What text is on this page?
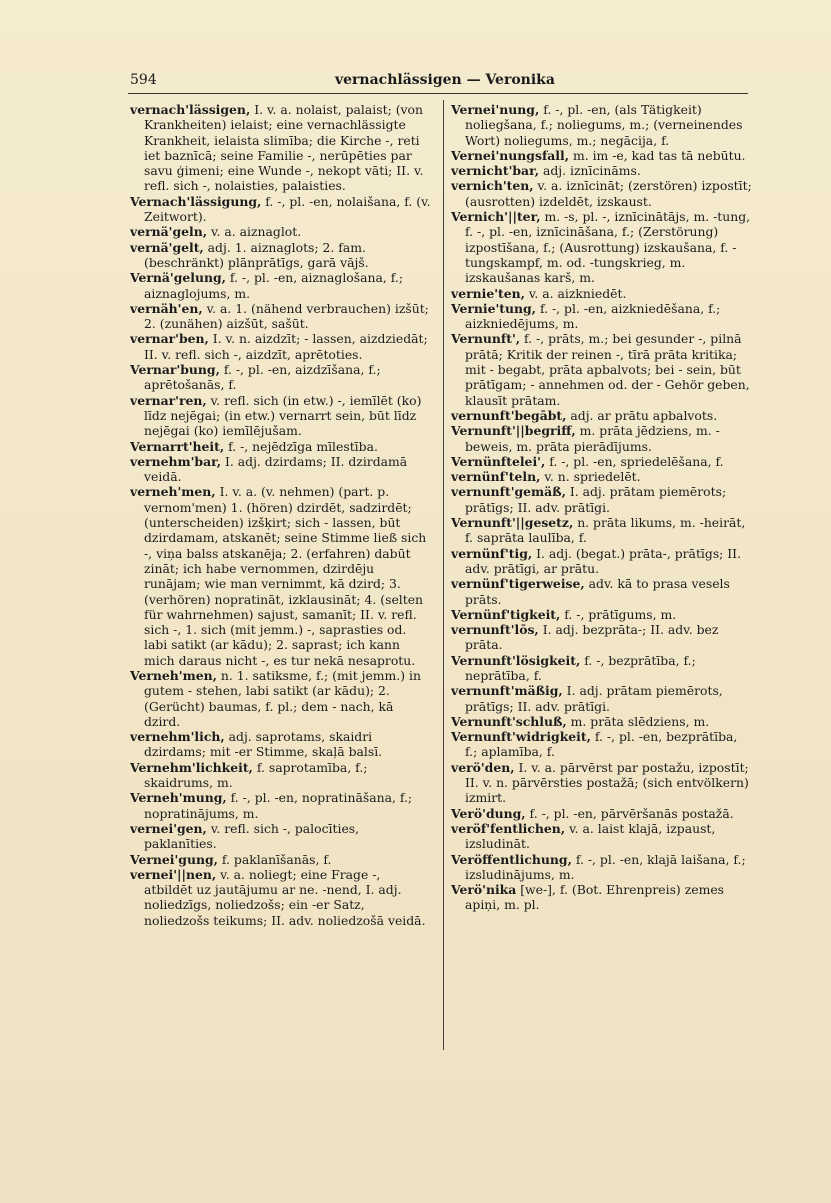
594	vernachlässigen — Veronika

vernach'lässigen, I. v. a. nolaist, palaist; (von Krankheiten) ielaist; eine vernachlässigte Krankheit, ielaista slimība; die Kirche -, reti iet baznīcā; seine Familie -, nerūpēties par savu ģimeni; eine Wunde -, nekopt vāti; II. v. refl. sich -, nolaisties, palaisties.

Vernach'lässigung, f. -, pl. -en, nolaišana, f. (v. Zeitwort).

vernä'geln, v. a. aiznaglot.

vernä'gelt, adj. 1. aiznaglots; 2. fam. (beschränkt) plānprātīgs, garā vājš.

Vernä'gelung, f. -, pl. -en, aiznaglošana, f.; aiznaglojums, m.

vernäh'en, v. a. 1. (nähend verbrauchen) izšūt; 2. (zunähen) aizšūt, sašūt.

vernar'ben, I. v. n. aizdzīt; - lassen, aizdziedāt; II. v. refl. sich -, aizdzīt, aprētoties.

Vernar'bung, f. -, pl. -en, aizdzīšana, f.; aprētošanās, f.

vernar'ren, v. refl. sich (in etw.) -, iemīlēt (ko) līdz neјēgai; (in etw.) vernarrt sein, būt līdz nejēgai (ko) iemīlējušam.

Vernarrt'heit, f. -, nejēdzīga mīlestība.

vernehm'bar, I. adj. dzirdams; II. dzirdamā veidā.

verneh'men, I. v. a. (v. nehmen) (part. p. vernom'men) 1. (hören) dzirdēt, sadzirdēt; (unterscheiden) izšķirt; sich - lassen, būt dzirdamam, atskanēt; seine Stimme ließ sich -, viņa balss atskanēja; 2. (erfahren) dabūt zināt; ich habe vernommen, dzirdēju runājam; wie man vernimmt, kā dzird; 3. (verhören) nopratināt, izklausināt; 4. (selten für wahrnehmen) sajust, samanīt; II. v. refl. sich -, 1. sich (mit jemm.) -, saprasties od. labi satikt (ar kādu); 2. saprast; ich kann mich daraus nicht -, es tur nekā nesaprotu.

Verneh'men, n. 1. satiksme, f.; (mit jemm.) in gutem - stehen, labi satikt (ar kādu); 2. (Gerücht) baumas, f. pl.; dem - nach, kā dzird.

vernehm'lich, adj. saprotams, skaidri dzirdams; mit -er Stimme, skaļā balsī.

Vernehm'lichkeit, f. saprotamība, f.; skaidrums, m.

Verneh'mung, f. -, pl. -en, nopratināšana, f.; nopratinājums, m.

vernei'gen, v. refl. sich -, palocīties, paklanīties.

Vernei'gung, f. paklanīšanās, f.

vernei'||nen, v. a. noliegt; eine Frage -, atbildēt uz jautājumu ar ne. -nend, I. adj. noliedzīgs, noliedzošs; ein -er Satz, noliedzošs teikums; II. adv. noliedzošā veidā.

Vernei'nung, f. -, pl. -en, (als Tätigkeit) noliegšana, f.; noliegums, m.; (verneinendes Wort) noliegums, m.; negācija, f.

Vernei'nungsfall, m. im -e, kad tas tā nebūtu.

vernicht'bar, adj. iznīcināms.

vernich'ten, v. a. iznīcināt; (zerstören) izpostīt; (ausrotten) izdeldēt, izskaust.

Vernich'||ter, m. -s, pl. -, iznīcinātājs, m. -tung, f. -, pl. -en, iznīcināšana, f.; (Zerstörung) izpostīšana, f.; (Ausrottung) izskaušana, f. -tungskampf, m. od. -tungskrieg, m. izskaušanas karš, m.

vernie'ten, v. a. aizkniedēt.

Vernie'tung, f. -, pl. -en, aizkniedēšana, f.; aizkniedējums, m.

Vernunft', f. -, prāts, m.; bei gesunder -, pilnā prātā; Kritik der reinen -, tīrā prāta kritika; mit - begabt, prāta apbalvots; bei - sein, būt prātīgam; - annehmen od. der - Gehör geben, klausīt prātam.

vernunft'begābt, adj. ar prātu apbalvots.

Vernunft'||begriff, m. prāta jēdziens, m. -beweis, m. prāta pierādījums.

Vernünftelei', f. -, pl. -en, spriedelēšana, f.

vernünf'teln, v. n. spriedelēt.

vernunft'gemäß, I. adj. prātam piemērots; prātīgs; II. adv. prātīgi.

Vernunft'||gesetz, n. prāta likums, m. -heirāt, f. saprāta laulība, f.

vernünf'tig, I. adj. (begat.) prāta-, prātīgs; II. adv. prātīgi, ar prātu.

vernünf'tigerweise, adv. kā to prasa vesels prāts.

Vernünf'tigkeit, f. -, prātīgums, m.

vernunft'lōs, I. adj. bezprāta-; II. adv. bez prāta.

Vernunft'lösigkeit, f. -, bezprātība, f.; neprātība, f.

vernunft'mäßig, I. adj. prātam piemērots, prātīgs; II. adv. prātīgi.

Vernunft'schluß, m. prāta slēdziens, m.

Vernunft'widrigkeit, f. -, pl. -en, bezprātība, f.; aplamība, f.

verö'den, I. v. a. pārvērst par postažu, izpostīt; II. v. n. pārvērsties postažā; (sich entvölkern) izmirt.

Verö'dung, f. -, pl. -en, pārvēršanās postažā.

veröf'fentlichen, v. a. laist klajā, izpaust, izsludināt.

Veröffentlichung, f. -, pl. -en, klajā laišana, f.; izsludinājums, m.

Verö'nika [we-], f. (Bot. Ehrenpreis) zemes apiņi, m. pl.
